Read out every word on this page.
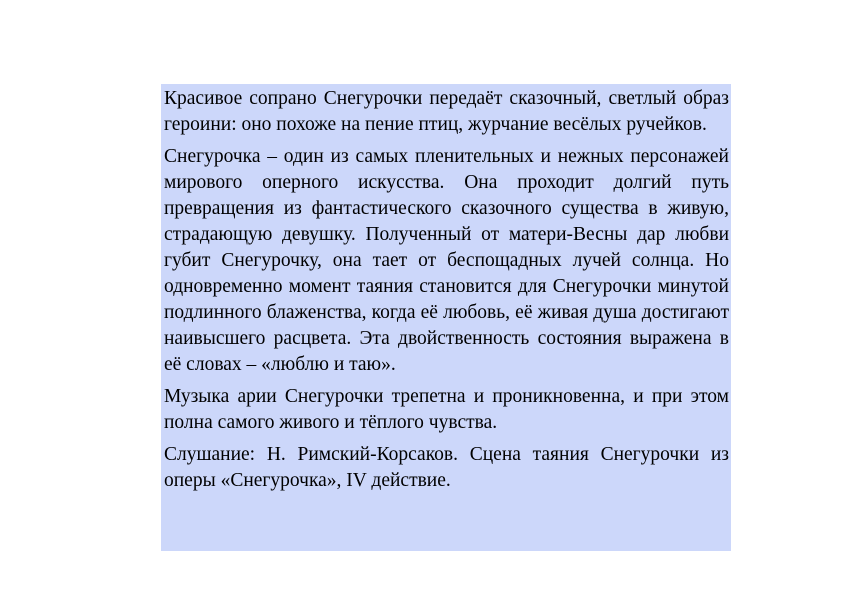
Красивое сопрано Снегурочки передаёт сказочный, светлый образ героини: оно похоже на пение птиц, журчание весёлых ручейков.

Снегурочка – один из самых пленительных и нежных персонажей мирового оперного искусства. Она проходит долгий путь превращения из фантастического сказочного существа в живую, страдающую девушку. Полученный от матери-Весны дар любви губит Снегурочку, она тает от беспощадных лучей солнца. Но одновременно момент таяния становится для Снегурочки минутой подлинного блаженства, когда её любовь, её живая душа достигают наивысшего расцвета. Эта двойственность состояния выражена в её словах – «люблю и таю».

Музыка арии Снегурочки трепетна и проникновенна, и при этом полна самого живого и тёплого чувства.

Слушание: Н. Римский-Корсаков. Сцена таяния Снегурочки из оперы «Снегурочка», IV действие.
